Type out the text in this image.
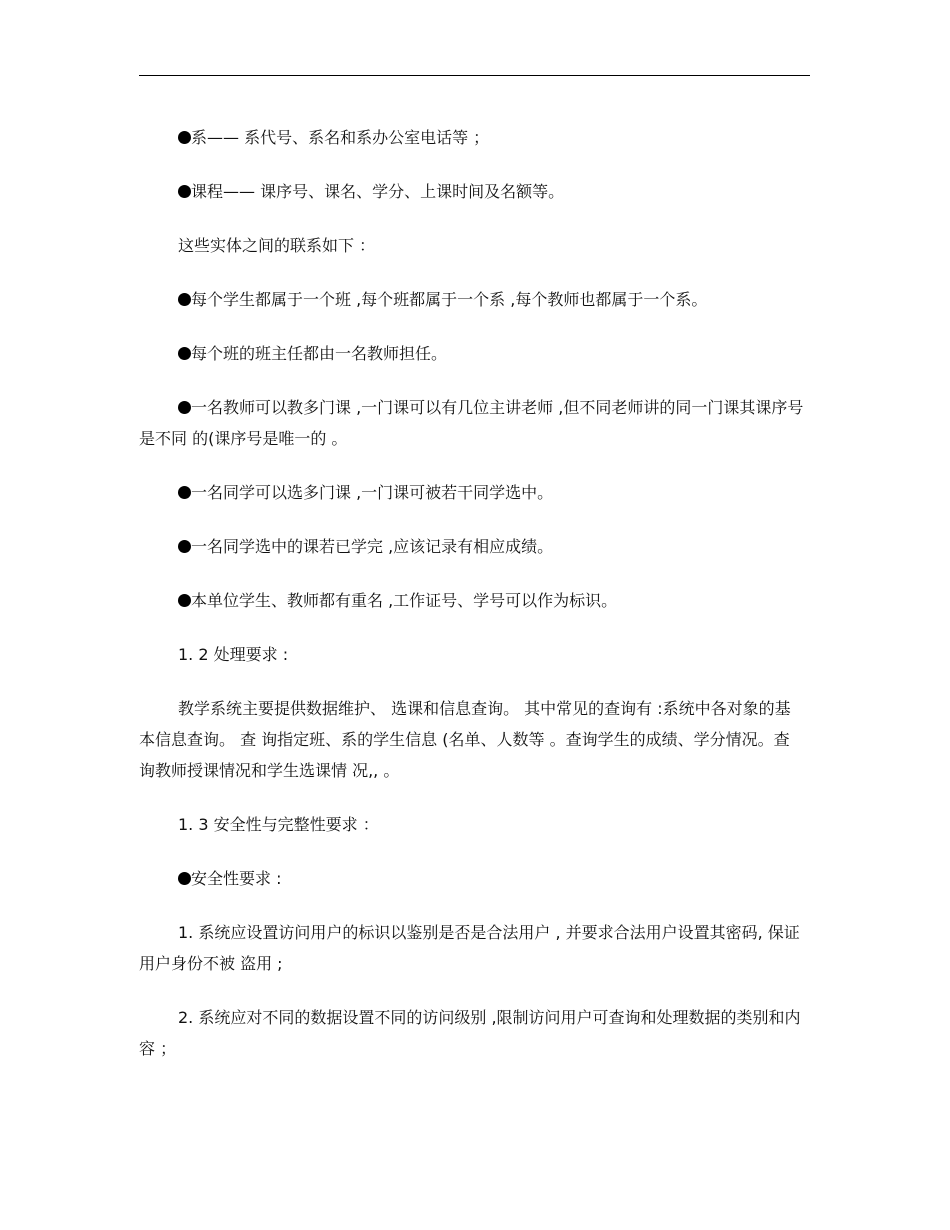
系—— 系代号、系名和系办公室电话等 ；

课程—— 课序号、课名、学分、上课时间及名额等。

这些实体之间的联系如下 ：

每个学生都属于一个班 ,每个班都属于一个系 ,每个教师也都属于一个系。

每个班的班主任都由一名教师担任。

一名教师可以教多门课 ,一门课可以有几位主讲老师 ,但不同老师讲的同一门课其课序号是不同 的(课序号是唯一的 。

一名同学可以选多门课 ,一门课可被若干同学选中。

一名同学选中的课若已学完 ,应该记录有相应成绩。

本单位学生、教师都有重名 ,工作证号、学号可以作为标识。

1. 2 处理要求 :

教学系统主要提供数据维护、 选课和信息查询。 其中常见的查询有 :系统中各对象的基本信息查询。 查 询指定班、系的学生信息 (名单、人数等 。查询学生的成绩、学分情况。查询教师授课情况和学生选课情 况,, 。

1. 3 安全性与完整性要求 ：

安全性要求 :

1. 系统应设置访问用户的标识以鉴别是否是合法用户 , 并要求合法用户设置其密码, 保证用户身份不被 盗用 ;

2. 系统应对不同的数据设置不同的访问级别 ,限制访问用户可查询和处理数据的类别和内容 ；
